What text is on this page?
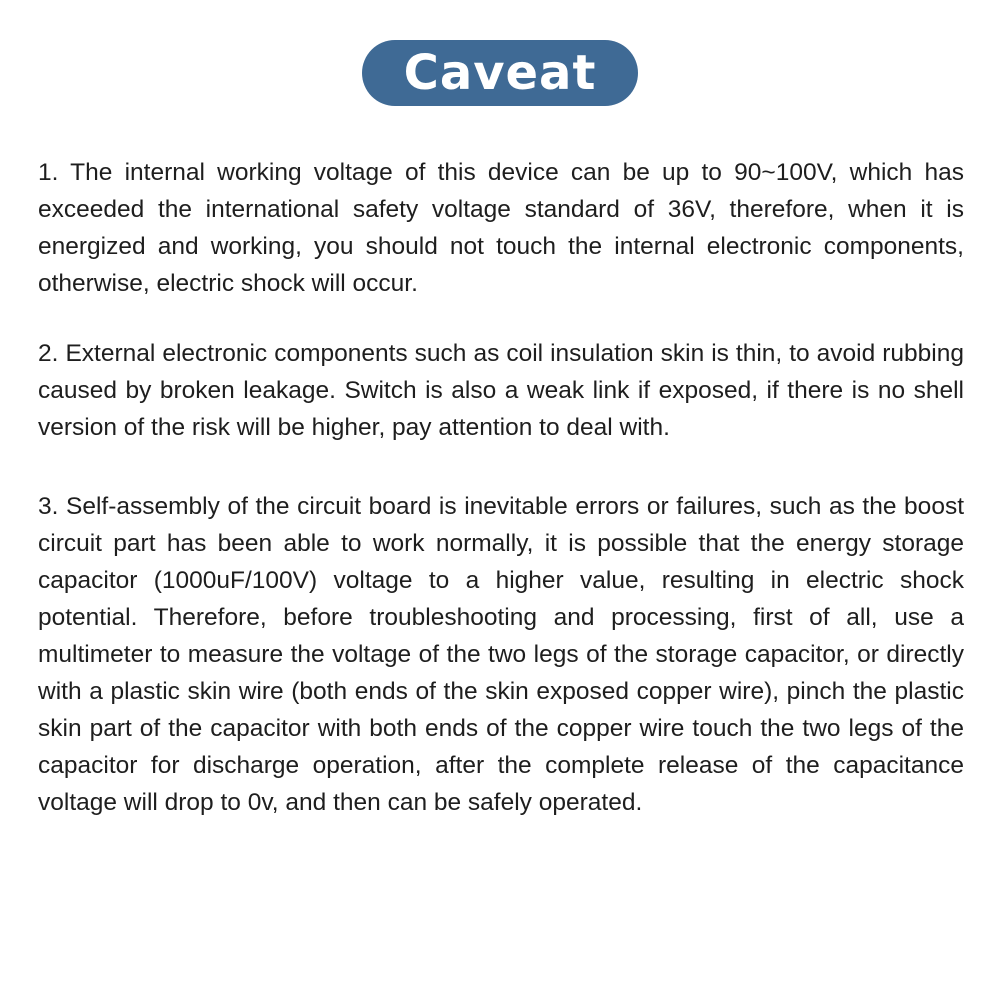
Caveat

1. The internal working voltage of this device can be up to 90~100V, which has exceeded the international safety voltage standard of 36V, therefore, when it is energized and working, you should not touch the internal electronic components, otherwise, electric shock will occur.

2. External electronic components such as coil insulation skin is thin, to avoid rubbing caused by broken leakage. Switch is also a weak link if exposed, if there is no shell version of the risk will be higher, pay attention to deal with.

3. Self-assembly of the circuit board is inevitable errors or failures, such as the boost circuit part has been able to work normally, it is possible that the energy storage capacitor (1000uF/100V) voltage to a higher value, resulting in electric shock potential. Therefore, before troubleshooting and processing, first of all, use a multimeter to measure the voltage of the two legs of the storage capacitor, or directly with a plastic skin wire (both ends of the skin exposed copper wire), pinch the plastic skin part of the capacitor with both ends of the copper wire touch the two legs of the capacitor for discharge operation, after the complete release of the capacitance voltage will drop to 0v, and then can be safely operated.
